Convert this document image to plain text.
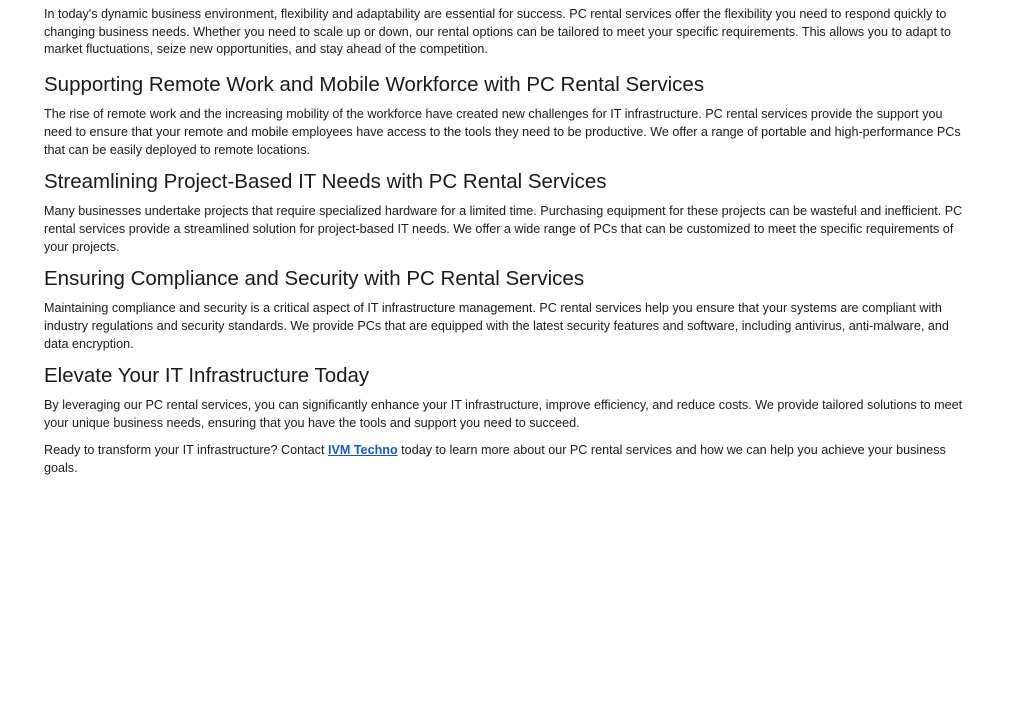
In today's dynamic business environment, flexibility and adaptability are essential for success. PC rental services offer the flexibility you need to respond quickly to changing business needs. Whether you need to scale up or down, our rental options can be tailored to meet your specific requirements. This allows you to adapt to market fluctuations, seize new opportunities, and stay ahead of the competition.

Supporting Remote Work and Mobile Workforce with PC Rental Services

The rise of remote work and the increasing mobility of the workforce have created new challenges for IT infrastructure. PC rental services provide the support you need to ensure that your remote and mobile employees have access to the tools they need to be productive. We offer a range of portable and high-performance PCs that can be easily deployed to remote locations.

Streamlining Project-Based IT Needs with PC Rental Services

Many businesses undertake projects that require specialized hardware for a limited time. Purchasing equipment for these projects can be wasteful and inefficient. PC rental services provide a streamlined solution for project-based IT needs. We offer a wide range of PCs that can be customized to meet the specific requirements of your projects.

Ensuring Compliance and Security with PC Rental Services

Maintaining compliance and security is a critical aspect of IT infrastructure management. PC rental services help you ensure that your systems are compliant with industry regulations and security standards. We provide PCs that are equipped with the latest security features and software, including antivirus, anti-malware, and data encryption.

Elevate Your IT Infrastructure Today

By leveraging our PC rental services, you can significantly enhance your IT infrastructure, improve efficiency, and reduce costs. We provide tailored solutions to meet your unique business needs, ensuring that you have the tools and support you need to succeed.

Ready to transform your IT infrastructure? Contact IVM Techno today to learn more about our PC rental services and how we can help you achieve your business goals.
